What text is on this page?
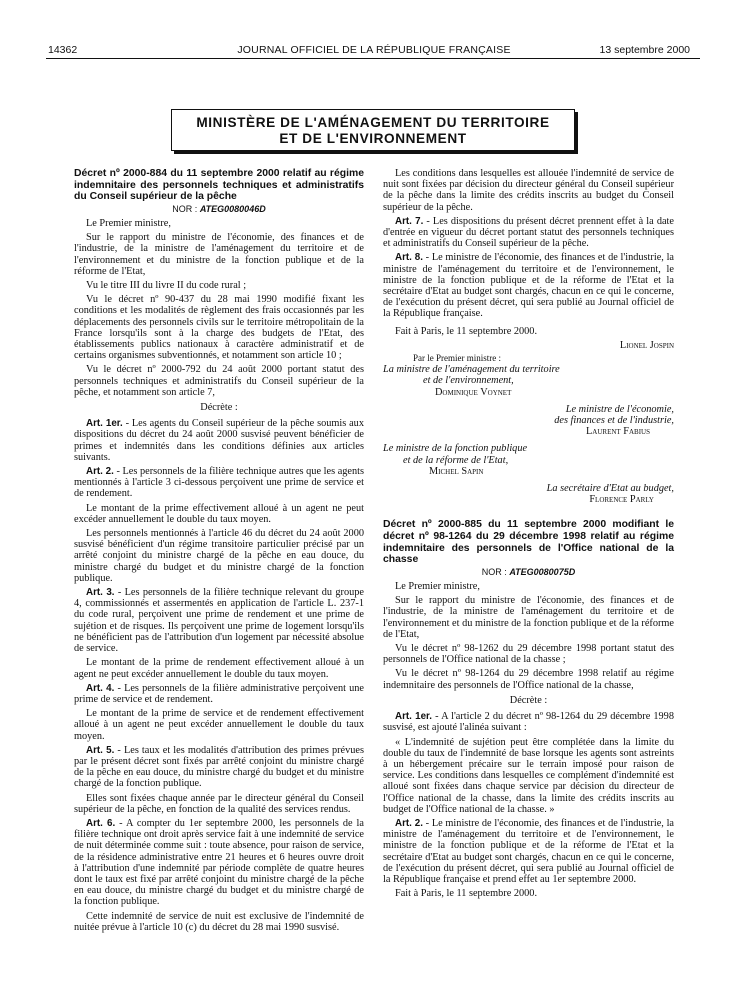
14362	JOURNAL OFFICIEL DE LA RÉPUBLIQUE FRANÇAISE	13 septembre 2000
MINISTÈRE DE L'AMÉNAGEMENT DU TERRITOIRE
ET DE L'ENVIRONNEMENT
Décret nº 2000-884 du 11 septembre 2000 relatif au régime indemnitaire des personnels techniques et administratifs du Conseil supérieur de la pêche
NOR : ATEG0080046D

Le Premier ministre,

Sur le rapport du ministre de l'économie, des finances et de l'industrie, de la ministre de l'aménagement du territoire et de l'environnement et du ministre de la fonction publique et de la réforme de l'Etat,

Vu le titre III du livre II du code rural ;

Vu le décret nº 90-437 du 28 mai 1990 modifié fixant les conditions et les modalités de règlement des frais occasionnés par les déplacements des personnels civils sur le territoire métropolitain de la France lorsqu'ils sont à la charge des budgets de l'Etat, des établissements publics nationaux à caractère administratif et de certains organismes subventionnés, et notamment son article 10 ;

Vu le décret nº 2000-792 du 24 août 2000 portant statut des personnels techniques et administratifs du Conseil supérieur de la pêche, et notamment son article 7,

Décrète :

Art. 1er. - Les agents du Conseil supérieur de la pêche soumis aux dispositions du décret du 24 août 2000 susvisé peuvent bénéficier de primes et indemnités dans les conditions définies aux articles suivants.

Art. 2. - Les personnels de la filière technique autres que les agents mentionnés à l'article 3 ci-dessous perçoivent une prime de service et de rendement.

Le montant de la prime effectivement alloué à un agent ne peut excéder annuellement le double du taux moyen.

Les personnels mentionnés à l'article 46 du décret du 24 août 2000 susvisé bénéficient d'un régime transitoire particulier précisé par un arrêté conjoint du ministre chargé de la pêche en eau douce, du ministre chargé du budget et du ministre chargé de la fonction publique.

Art. 3. - Les personnels de la filière technique relevant du groupe 4, commissionnés et assermentés en application de l'article L. 237-1 du code rural, perçoivent une prime de rendement et une prime de sujétion et de risques. Ils perçoivent une prime de logement lorsqu'ils ne bénéficient pas de l'attribution d'un logement par nécessité absolue de service.

Le montant de la prime de rendement effectivement alloué à un agent ne peut excéder annuellement le double du taux moyen.

Art. 4. - Les personnels de la filière administrative perçoivent une prime de service et de rendement.

Le montant de la prime de service et de rendement effectivement alloué à un agent ne peut excéder annuellement le double du taux moyen.

Art. 5. - Les taux et les modalités d'attribution des primes prévues par le présent décret sont fixés par arrêté conjoint du ministre chargé de la pêche en eau douce, du ministre chargé du budget et du ministre chargé de la fonction publique.

Elles sont fixées chaque année par le directeur général du Conseil supérieur de la pêche, en fonction de la qualité des services rendus.

Art. 6. - A compter du 1er septembre 2000, les personnels de la filière technique ont droit après service fait à une indemnité de service de nuit déterminée comme suit : toute absence, pour raison de service, de la résidence administrative entre 21 heures et 6 heures ouvre droit à l'attribution d'une indemnité par période complète de quatre heures dont le taux est fixé par arrêté conjoint du ministre chargé de la pêche en eau douce, du ministre chargé du budget et du ministre chargé de la fonction publique.

Cette indemnité de service de nuit est exclusive de l'indemnité de nuitée prévue à l'article 10 (c) du décret du 28 mai 1990 susvisé.

Les conditions dans lesquelles est allouée l'indemnité de service de nuit sont fixées par décision du directeur général du Conseil supérieur de la pêche dans la limite des crédits inscrits au budget du Conseil supérieur de la pêche.

Art. 7. - Les dispositions du présent décret prennent effet à la date d'entrée en vigueur du décret portant statut des personnels techniques et administratifs du Conseil supérieur de la pêche.

Art. 8. - Le ministre de l'économie, des finances et de l'industrie, la ministre de l'aménagement du territoire et de l'environnement, le ministre de la fonction publique et de la réforme de l'Etat et la secrétaire d'Etat au budget sont chargés, chacun en ce qui le concerne, de l'exécution du présent décret, qui sera publié au Journal officiel de la République française.

Fait à Paris, le 11 septembre 2000.

Lionel Jospin
Par le Premier ministre :
La ministre de l'aménagement du territoire
et de l'environnement,
Dominique Voynet
Le ministre de l'économie,
des finances et de l'industrie,
Laurent Fabius
Le ministre de la fonction publique
et de la réforme de l'Etat,
Michel Sapin
La secrétaire d'Etat au budget,
Florence Parly
Décret nº 2000-885 du 11 septembre 2000 modifiant le décret nº 98-1264 du 29 décembre 1998 relatif au régime indemnitaire des personnels de l'Office national de la chasse
NOR : ATEG0080075D

Le Premier ministre,

Sur le rapport du ministre de l'économie, des finances et de l'industrie, de la ministre de l'aménagement du territoire et de l'environnement et du ministre de la fonction publique et de la réforme de l'Etat,

Vu le décret nº 98-1262 du 29 décembre 1998 portant statut des personnels de l'Office national de la chasse ;

Vu le décret nº 98-1264 du 29 décembre 1998 relatif au régime indemnitaire des personnels de l'Office national de la chasse,

Décrète :

Art. 1er. - A l'article 2 du décret nº 98-1264 du 29 décembre 1998 susvisé, est ajouté l'alinéa suivant :

« L'indemnité de sujétion peut être complétée dans la limite du double du taux de l'indemnité de base lorsque les agents sont astreints à un hébergement précaire sur le terrain imposé pour raison de service. Les conditions dans lesquelles ce complément d'indemnité est alloué sont fixées dans chaque service par décision du directeur de l'Office national de la chasse, dans la limite des crédits inscrits au budget de l'Office national de la chasse. »

Art. 2. - Le ministre de l'économie, des finances et de l'industrie, la ministre de l'aménagement du territoire et de l'environnement, le ministre de la fonction publique et de la réforme de l'Etat et la secrétaire d'Etat au budget sont chargés, chacun en ce qui le concerne, de l'exécution du présent décret, qui sera publié au Journal officiel de la République française et prend effet au 1er septembre 2000.

Fait à Paris, le 11 septembre 2000.
